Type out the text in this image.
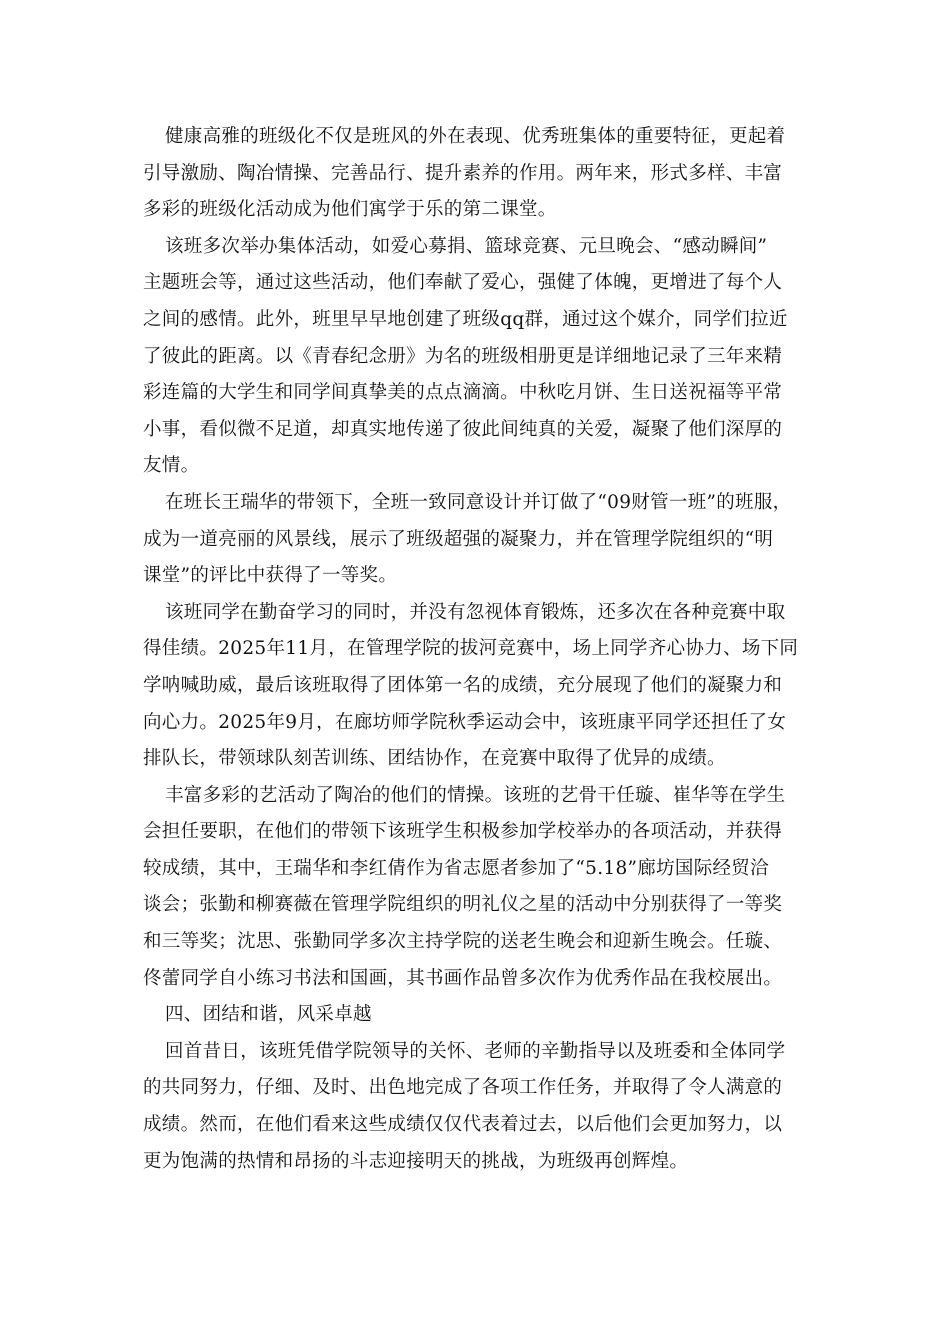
健康高雅的班级化不仅是班风的外在表现、优秀班集体的重要特征，更起着
引导激励、陶冶情操、完善品行、提升素养的作用。两年来，形式多样、丰富
多彩的班级化活动成为他们寓学于乐的第二课堂。

该班多次举办集体活动，如爱心募捐、篮球竞赛、元旦晚会、“感动瞬间”
主题班会等，通过这些活动，他们奉献了爱心，强健了体魄，更增进了每个人
之间的感情。此外，班里早早地创建了班级qq群，通过这个媒介，同学们拉近
了彼此的距离。以《青春纪念册》为名的班级相册更是详细地记录了三年来精
彩连篇的大学生和同学间真挚美的点点滴滴。中秋吃月饼、生日送祝福等平常
小事，看似微不足道，却真实地传递了彼此间纯真的关爱，凝聚了他们深厚的
友情。

在班长王瑞华的带领下，全班一致同意设计并订做了“09财管一班”的班服，
成为一道亮丽的风景线，展示了班级超强的凝聚力，并在管理学院组织的“明
课堂”的评比中获得了一等奖。

该班同学在勤奋学习的同时，并没有忽视体育锻炼，还多次在各种竞赛中取
得佳绩。2025年11月，在管理学院的拔河竞赛中，场上同学齐心协力、场下同
学呐喊助威，最后该班取得了团体第一名的成绩，充分展现了他们的凝聚力和
向心力。2025年9月，在廊坊师学院秋季运动会中，该班康平同学还担任了女
排队长，带领球队刻苦训练、团结协作，在竞赛中取得了优异的成绩。

丰富多彩的艺活动了陶冶的他们的情操。该班的艺骨干任璇、崔华等在学生
会担任要职，在他们的带领下该班学生积极参加学校举办的各项活动，并获得
较成绩，其中，王瑞华和李红倩作为省志愿者参加了“5.18”廊坊国际经贸洽
谈会；张勤和柳赛薇在管理学院组织的明礼仪之星的活动中分别获得了一等奖
和三等奖；沈思、张勤同学多次主持学院的送老生晚会和迎新生晚会。任璇、
佟蕾同学自小练习书法和国画，其书画作品曾多次作为优秀作品在我校展出。

四、团结和谐，风采卓越

回首昔日，该班凭借学院领导的关怀、老师的辛勤指导以及班委和全体同学
的共同努力，仔细、及时、出色地完成了各项工作任务，并取得了令人满意的
成绩。然而，在他们看来这些成绩仅仅代表着过去，以后他们会更加努力，以
更为饱满的热情和昂扬的斗志迎接明天的挑战，为班级再创辉煌。
